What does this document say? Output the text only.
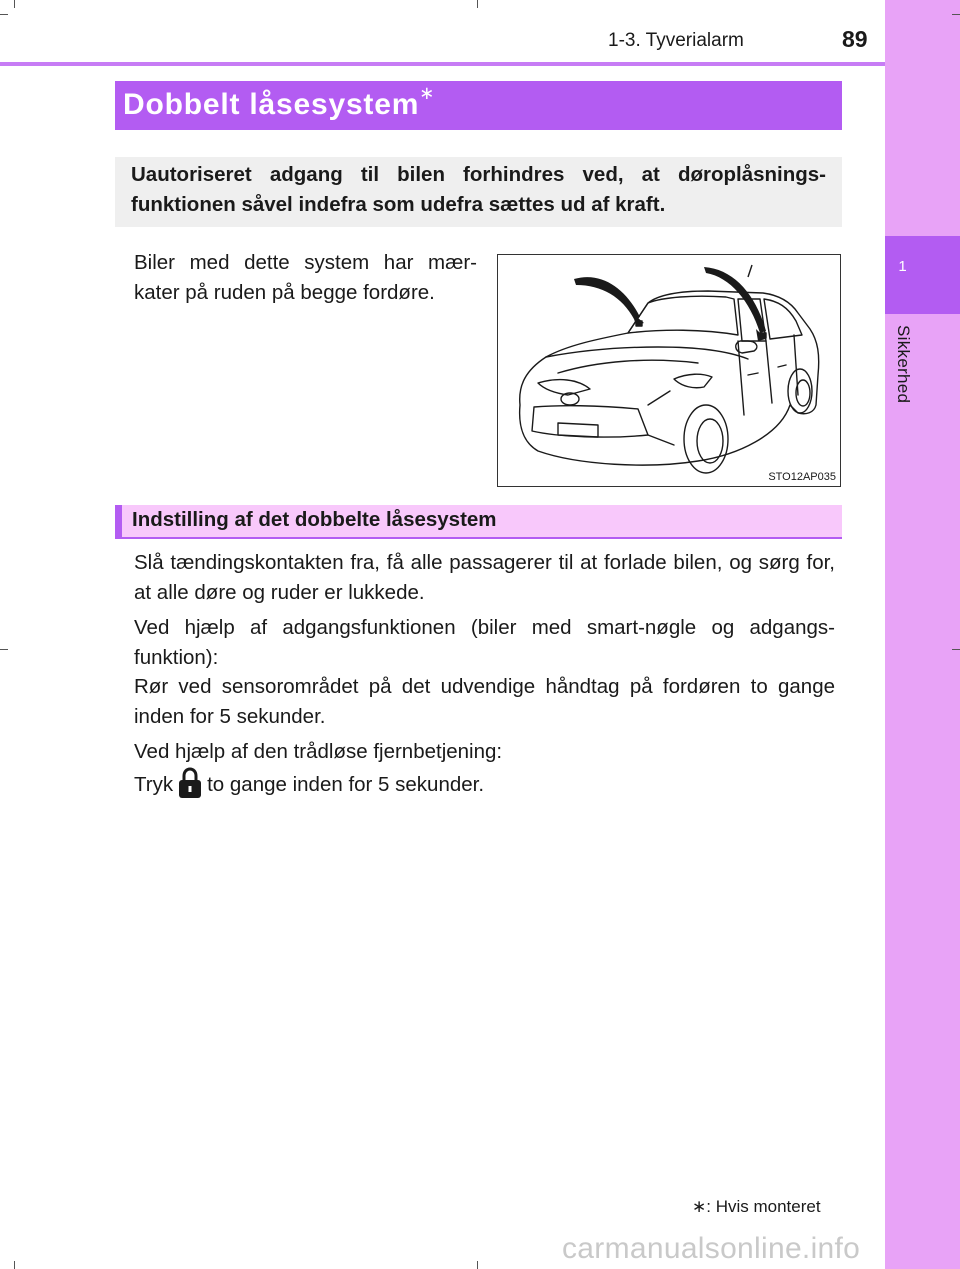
1
Sikkerhed
1-3. Tyverialarm	89
Dobbelt låsesystem∗
Uautoriseret adgang til bilen forhindres ved, at døroplåsnings-funktionen såvel indefra som udefra sættes ud af kraft.
Biler med dette system har mær-kater på ruden på begge fordøre.
STO12AP035
Indstilling af det dobbelte låsesystem
Slå tændingskontakten fra, få alle passagerer til at forlade bilen, og sørg for, at alle døre og ruder er lukkede.
Ved hjælp af adgangsfunktionen (biler med smart-nøgle og adgangs-funktion):
Rør ved sensorområdet på det udvendige håndtag på fordøren to gange inden for 5 sekunder.
Ved hjælp af den trådløse fjernbetjening:
Tryk to gange inden for 5 sekunder.
∗: Hvis monteret
carmanualsonline.info
